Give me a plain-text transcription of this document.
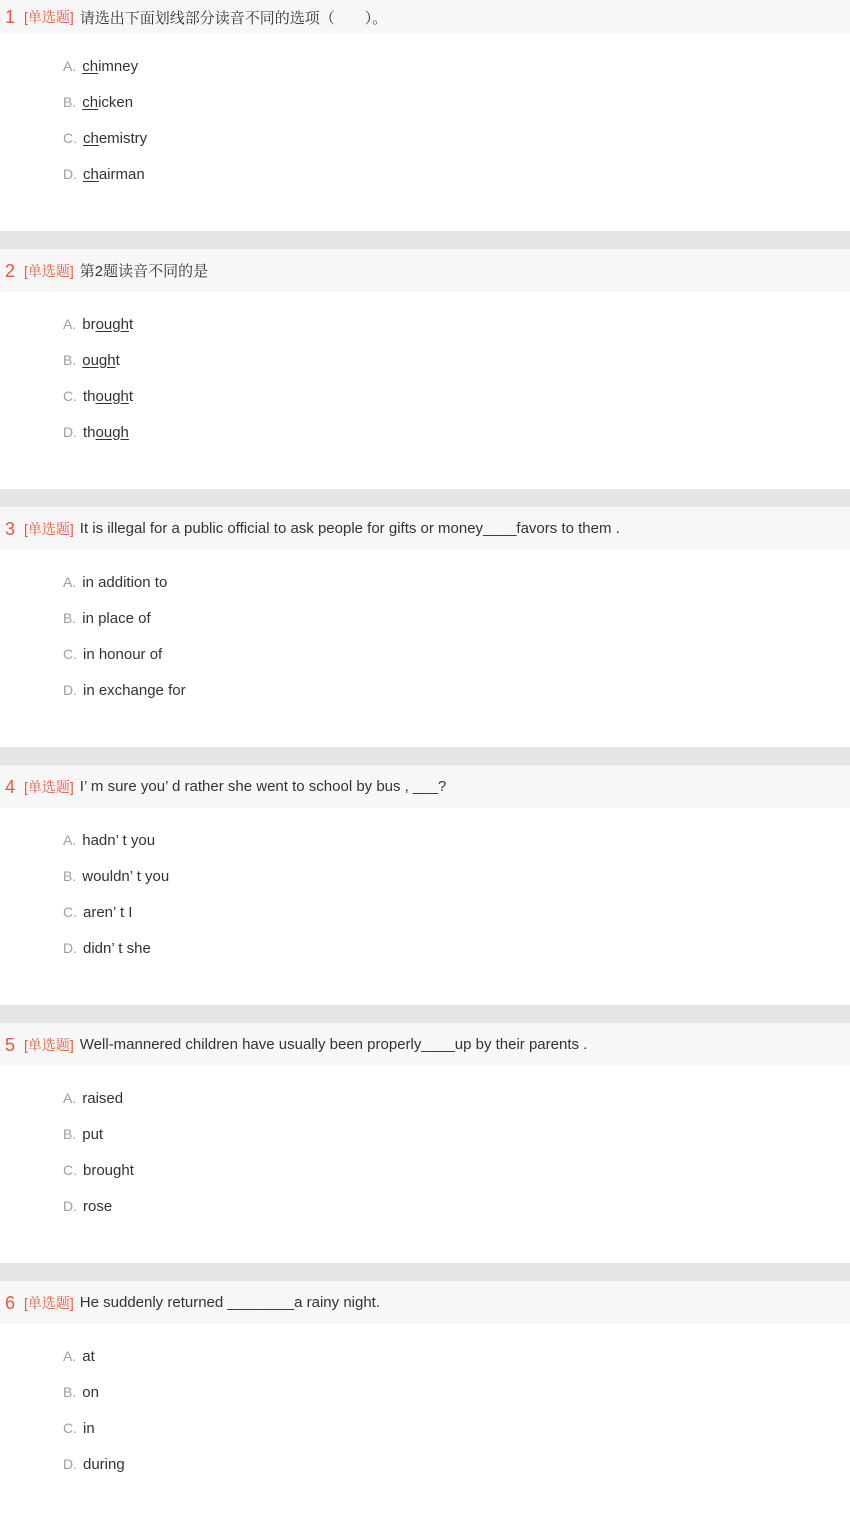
1 [单选题] 请选出下面划线部分读音不同的选项（　　）。
A. chimney
B. chicken
C. chemistry
D. chairman
2 [单选题] 第2题读音不同的是
A. brought
B. ought
C. thought
D. though
3 [单选题] It is illegal for a public official to ask people for gifts or money____favors to them .
A. in addition to
B. in place of
C. in honour of
D. in exchange for
4 [单选题] I’ m sure you’ d rather she went to school by bus , ___?
A. hadn’ t you
B. wouldn’ t you
C. aren’ t I
D. didn’ t she
5 [单选题] Well-mannered children have usually been properly____up by their parents .
A. raised
B. put
C. brought
D. rose
6 [单选题] He suddenly returned ________a rainy night.
A. at
B. on
C. in
D. during
